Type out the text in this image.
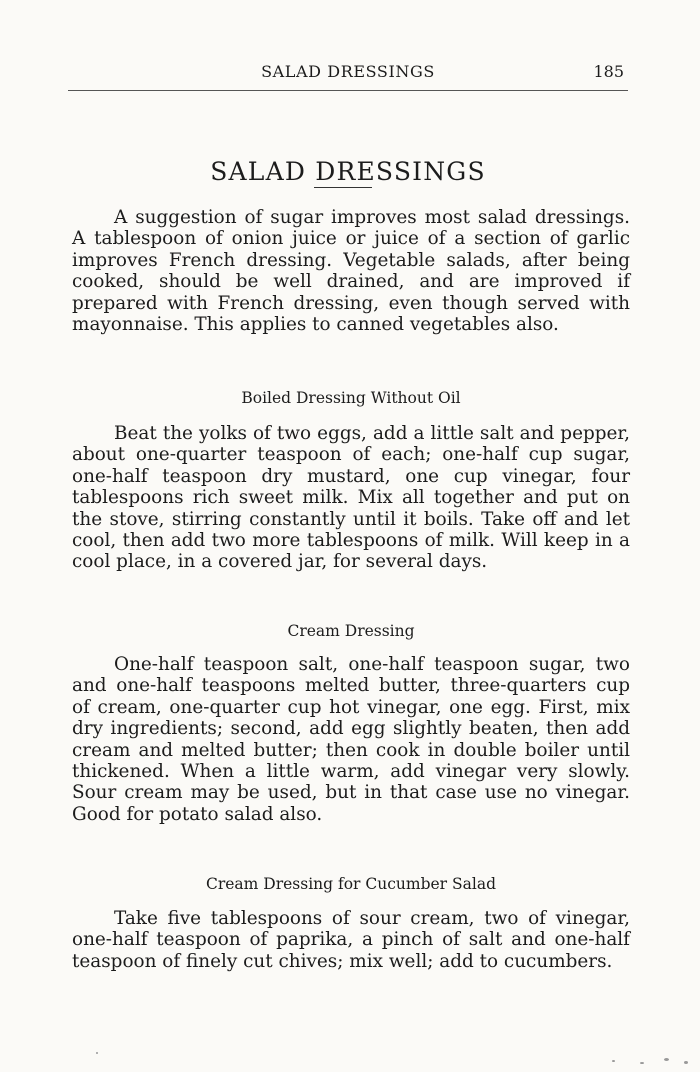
SALAD DRESSINGS	185
SALAD DRESSINGS

A suggestion of sugar improves most salad dressings. A tablespoon of onion juice or juice of a section of garlic improves French dressing. Vegetable salads, after being cooked, should be well drained, and are improved if prepared with French dressing, even though served with mayonnaise. This applies to canned vegetables also.

Boiled Dressing Without Oil

Beat the yolks of two eggs, add a little salt and pepper, about one-quarter teaspoon of each; one-half cup sugar, one-half teaspoon dry mustard, one cup vinegar, four tablespoons rich sweet milk. Mix all together and put on the stove, stirring constantly until it boils. Take off and let cool, then add two more tablespoons of milk. Will keep in a cool place, in a covered jar, for several days.

Cream Dressing

One-half teaspoon salt, one-half teaspoon sugar, two and one-half teaspoons melted butter, three-quarters cup of cream, one-quarter cup hot vinegar, one egg. First, mix dry ingredients; second, add egg slightly beaten, then add cream and melted butter; then cook in double boiler until thickened. When a little warm, add vinegar very slowly. Sour cream may be used, but in that case use no vinegar. Good for potato salad also.

Cream Dressing for Cucumber Salad

Take five tablespoons of sour cream, two of vinegar, one-half teaspoon of paprika, a pinch of salt and one-half teaspoon of finely cut chives; mix well; add to cucumbers.
